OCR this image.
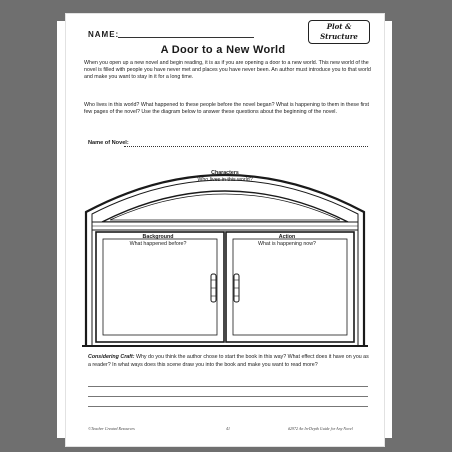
NAME:
Plot &
Structure
A Door to a New World
When you open up a new novel and begin reading, it is as if you are opening a door to a new world. This new world of the novel is filled with people you have never met and places you have never been. An author must introduce you to that world and make you want to stay in it for a long time.
Who lives in this world? What happened to these people before the novel began? What is happening to them in these first few pages of the novel? Use the diagram below to answer these questions about the beginning of the novel.
Name of Novel:
Characters
Who lives in this world?
Background
What happened before?
Action
What is happening now?
Considering Craft: Why do you think the author chose to start the book in this way? What effect does it have on you as a reader? In what ways does this scene draw you into the book and make you want to read more?
©Teacher Created Resources	41	#2972 An In-Depth Guide for Any Novel
